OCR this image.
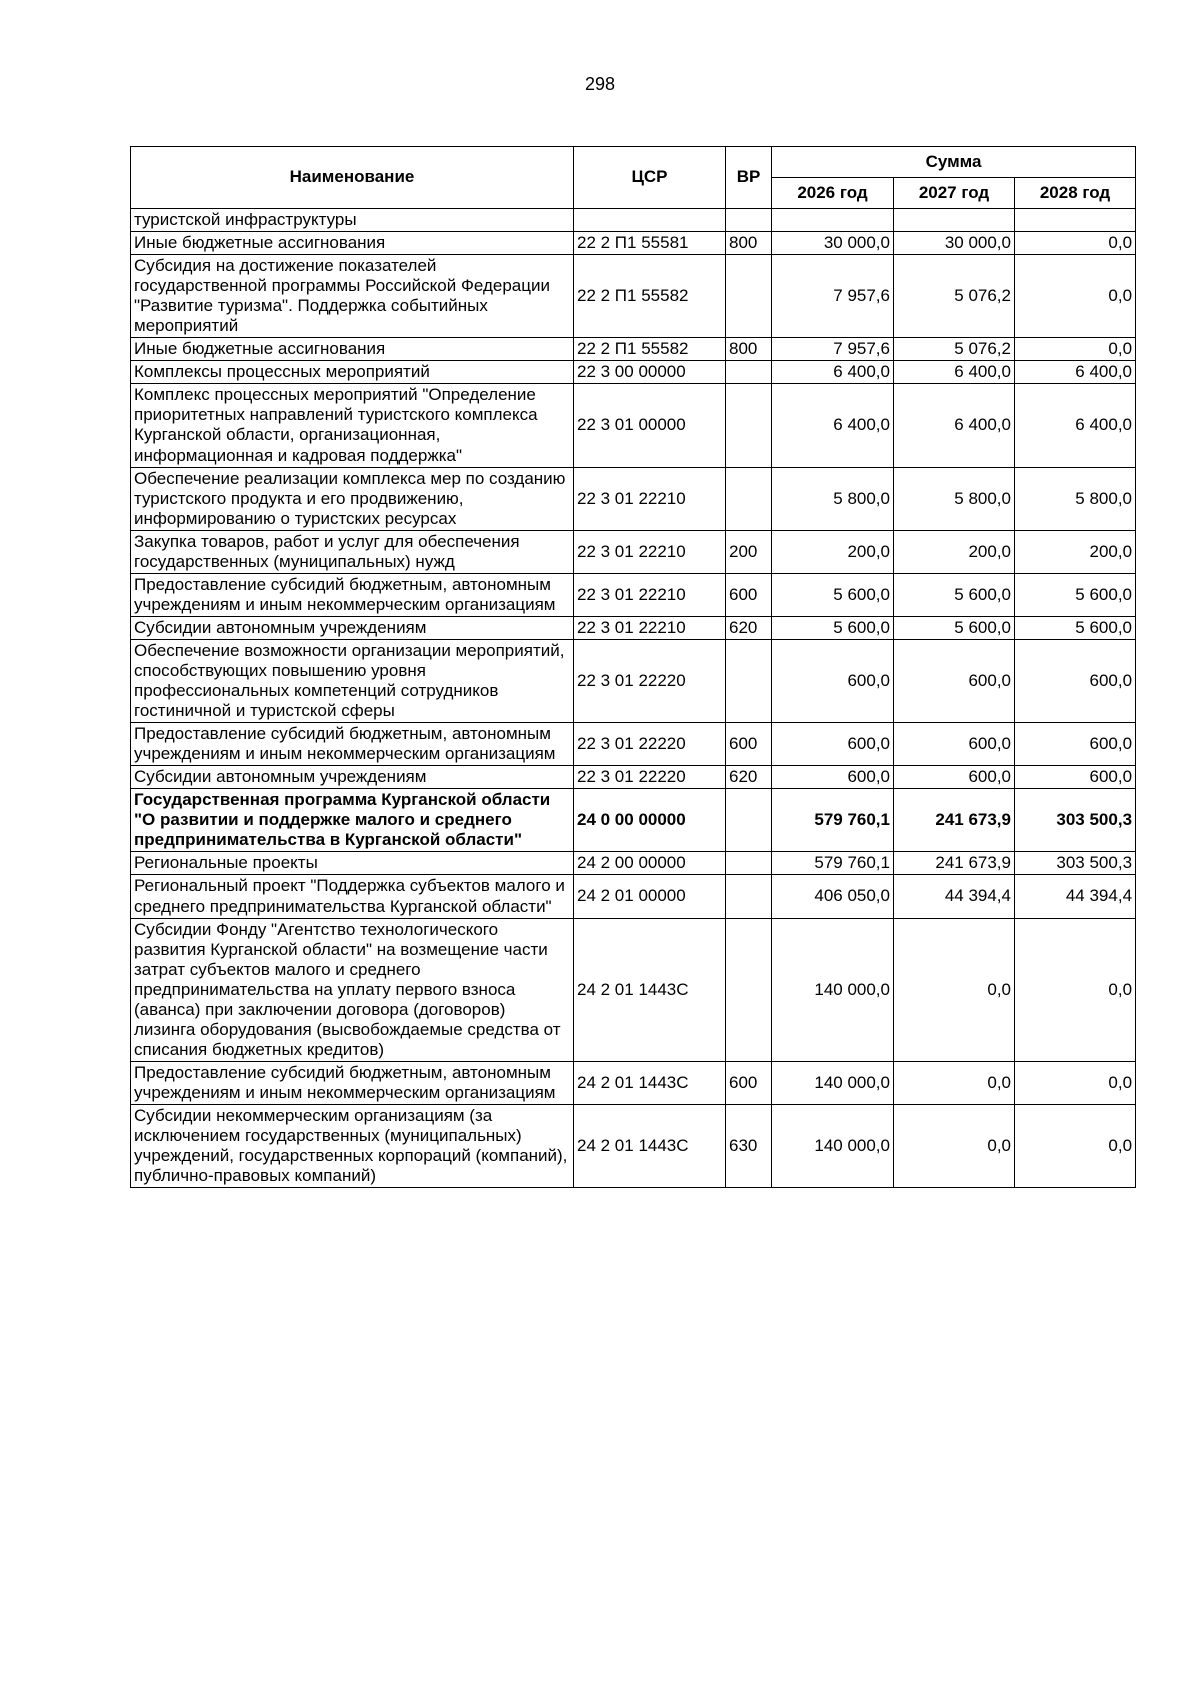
298
Наименование	ЦСР	ВР	Сумма		
			2026 год	2027 год	2028 год
туристской инфраструктуры					
Иные бюджетные ассигнования	22 2 П1 55581	800	30 000,0	30 000,0	0,0
Субсидия на достижение показателей государственной программы Российской Федерации "Развитие туризма". Поддержка событийных мероприятий	22 2 П1 55582		7 957,6	5 076,2	0,0
Иные бюджетные ассигнования	22 2 П1 55582	800	7 957,6	5 076,2	0,0
Комплексы процессных мероприятий	22 3 00 00000		6 400,0	6 400,0	6 400,0
Комплекс процессных мероприятий "Определение приоритетных направлений туристского комплекса Курганской области, организационная, информационная и кадровая поддержка"	22 3 01 00000		6 400,0	6 400,0	6 400,0
Обеспечение реализации комплекса мер по созданию туристского продукта и его продвижению, информированию о туристских ресурсах	22 3 01 22210		5 800,0	5 800,0	5 800,0
Закупка товаров, работ и услуг для обеспечения государственных (муниципальных) нужд	22 3 01 22210	200	200,0	200,0	200,0
Предоставление субсидий бюджетным, автономным учреждениям и иным некоммерческим организациям	22 3 01 22210	600	5 600,0	5 600,0	5 600,0
Субсидии автономным учреждениям	22 3 01 22210	620	5 600,0	5 600,0	5 600,0
Обеспечение возможности организации мероприятий, способствующих повышению уровня профессиональных компетенций сотрудников гостиничной и туристской сферы	22 3 01 22220		600,0	600,0	600,0
Предоставление субсидий бюджетным, автономным учреждениям и иным некоммерческим организациям	22 3 01 22220	600	600,0	600,0	600,0
Субсидии автономным учреждениям	22 3 01 22220	620	600,0	600,0	600,0
Государственная программа Курганской области "О развитии и поддержке малого и среднего предпринимательства в Курганской области"	24 0 00 00000		579 760,1	241 673,9	303 500,3
Региональные проекты	24 2 00 00000		579 760,1	241 673,9	303 500,3
Региональный проект "Поддержка субъектов малого и среднего предпринимательства Курганской области"	24 2 01 00000		406 050,0	44 394,4	44 394,4
Субсидии Фонду "Агентство технологического развития Курганской области" на возмещение части затрат субъектов малого и среднего предпринимательства на уплату первого взноса (аванса) при заключении договора (договоров) лизинга оборудования (высвобождаемые средства от списания бюджетных кредитов)	24 2 01 1443С		140 000,0	0,0	0,0
Предоставление субсидий бюджетным, автономным учреждениям и иным некоммерческим организациям	24 2 01 1443С	600	140 000,0	0,0	0,0
Субсидии некоммерческим организациям (за исключением государственных (муниципальных) учреждений, государственных корпораций (компаний), публично-правовых компаний)	24 2 01 1443С	630	140 000,0	0,0	0,0
